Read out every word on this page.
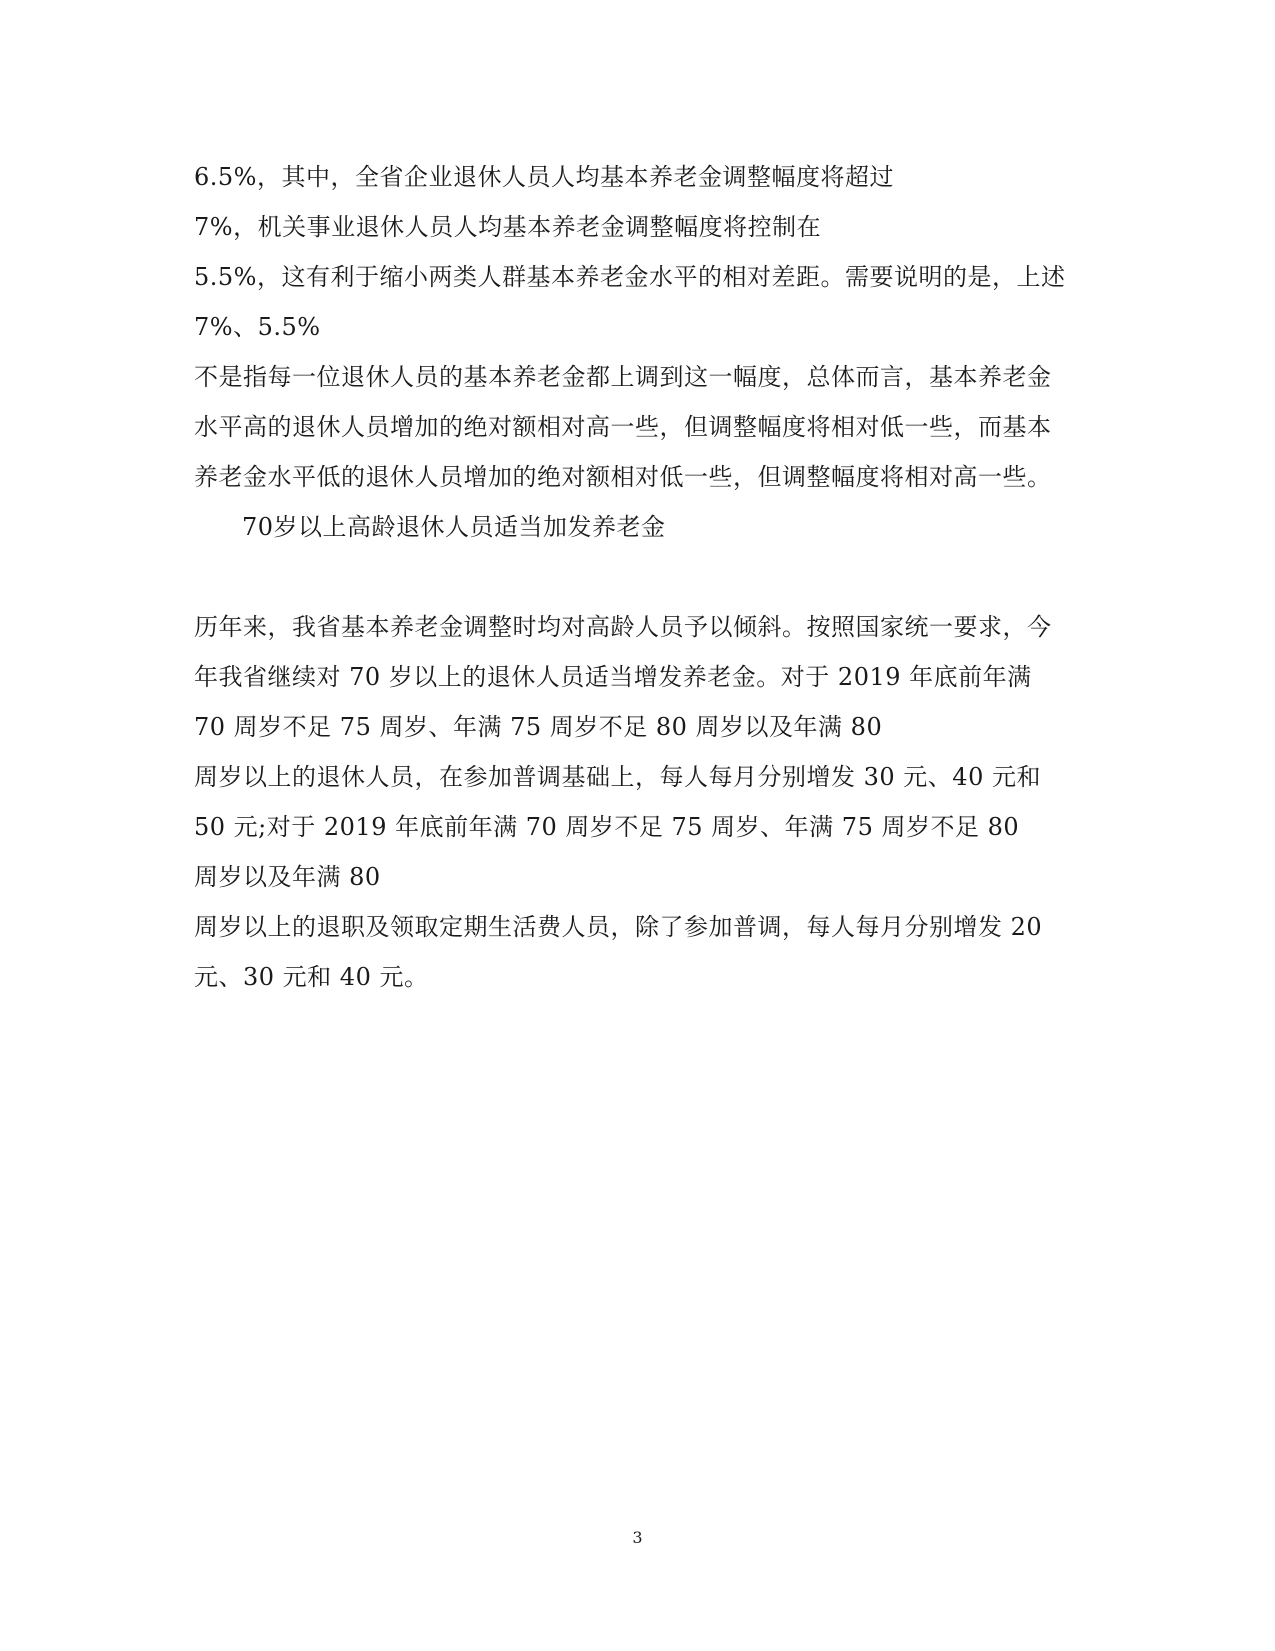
6.5%，其中，全省企业退休人员人均基本养老金调整幅度将超过
7%，机关事业退休人员人均基本养老金调整幅度将控制在
5.5%，这有利于缩小两类人群基本养老金水平的相对差距。需要说明的是，上述
7%、5.5%
不是指每一位退休人员的基本养老金都上调到这一幅度，总体而言，基本养老金
水平高的退休人员增加的绝对额相对高一些，但调整幅度将相对低一些，而基本
养老金水平低的退休人员增加的绝对额相对低一些，但调整幅度将相对高一些。
70岁以上高龄退休人员适当加发养老金
历年来，我省基本养老金调整时均对高龄人员予以倾斜。按照国家统一要求，今
年我省继续对 70 岁以上的退休人员适当增发养老金。对于 2019 年底前年满
70 周岁不足 75 周岁、年满 75 周岁不足 80 周岁以及年满 80
周岁以上的退休人员，在参加普调基础上，每人每月分别增发 30 元、40 元和
50 元;对于 2019 年底前年满 70 周岁不足 75 周岁、年满 75 周岁不足 80
周岁以及年满 80
周岁以上的退职及领取定期生活费人员，除了参加普调，每人每月分别增发 20
元、30 元和 40 元。
3
